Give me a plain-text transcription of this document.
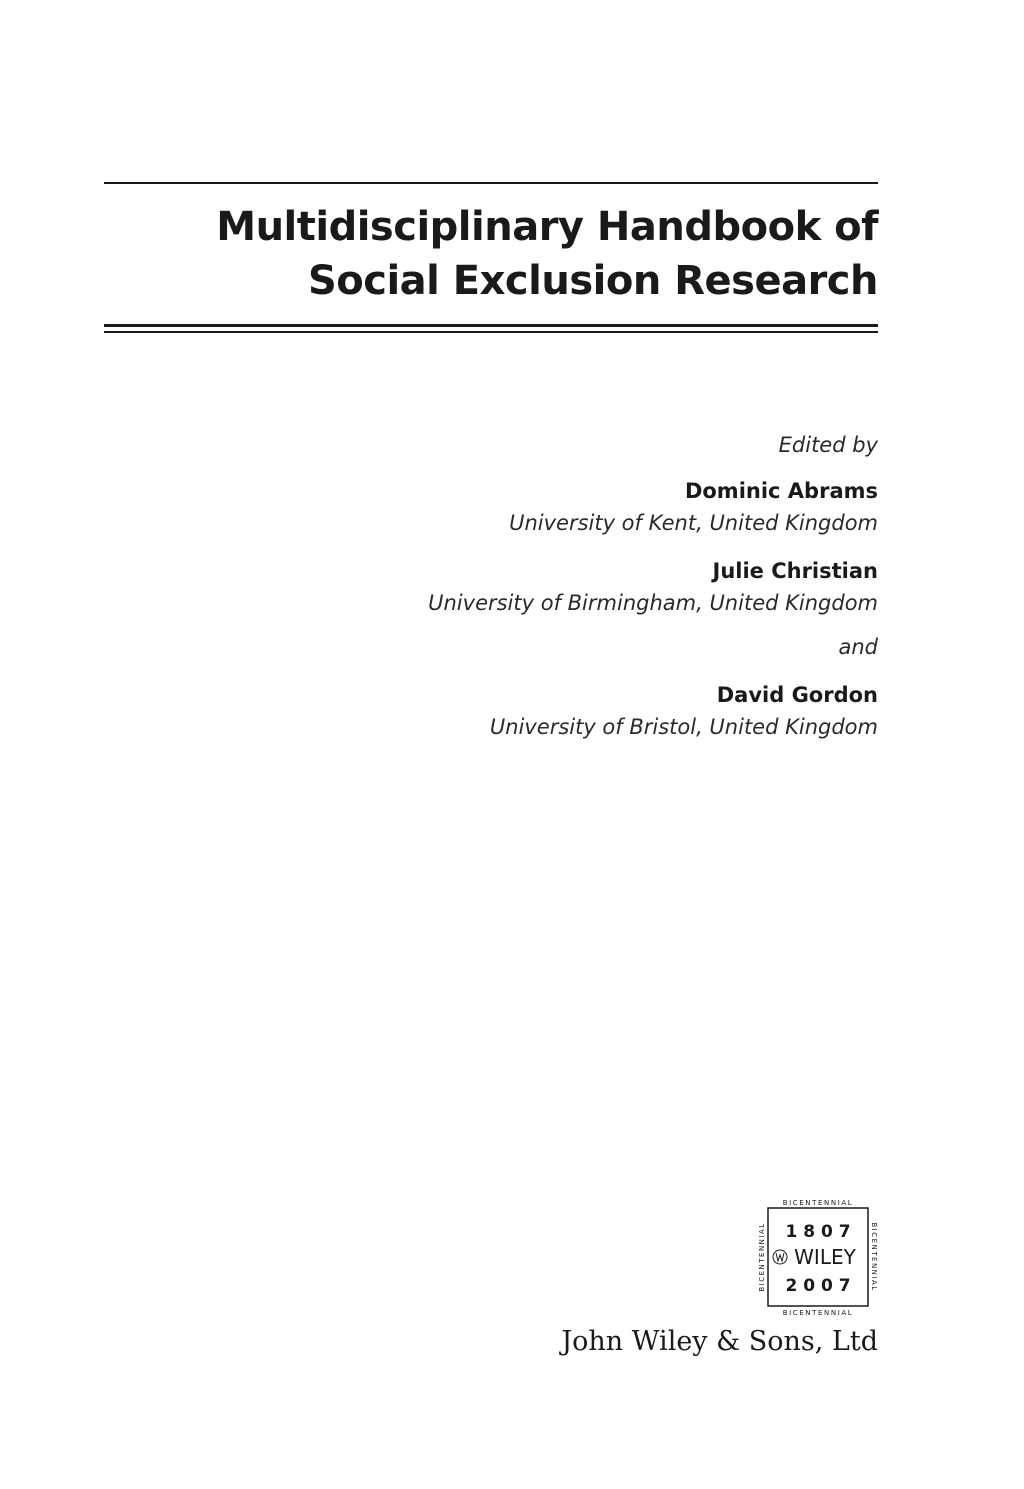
Multidisciplinary Handbook of
Social Exclusion Research
Edited by
Dominic Abrams
University of Kent, United Kingdom
Julie Christian
University of Birmingham, United Kingdom
and
David Gordon
University of Bristol, United Kingdom
BICENTENNIAL
BICENTENNIAL
BICENTENNIAL	BICENTENNIAL
1 8 0 7
WILEY
2 0 0 7
John Wiley & Sons, Ltd
